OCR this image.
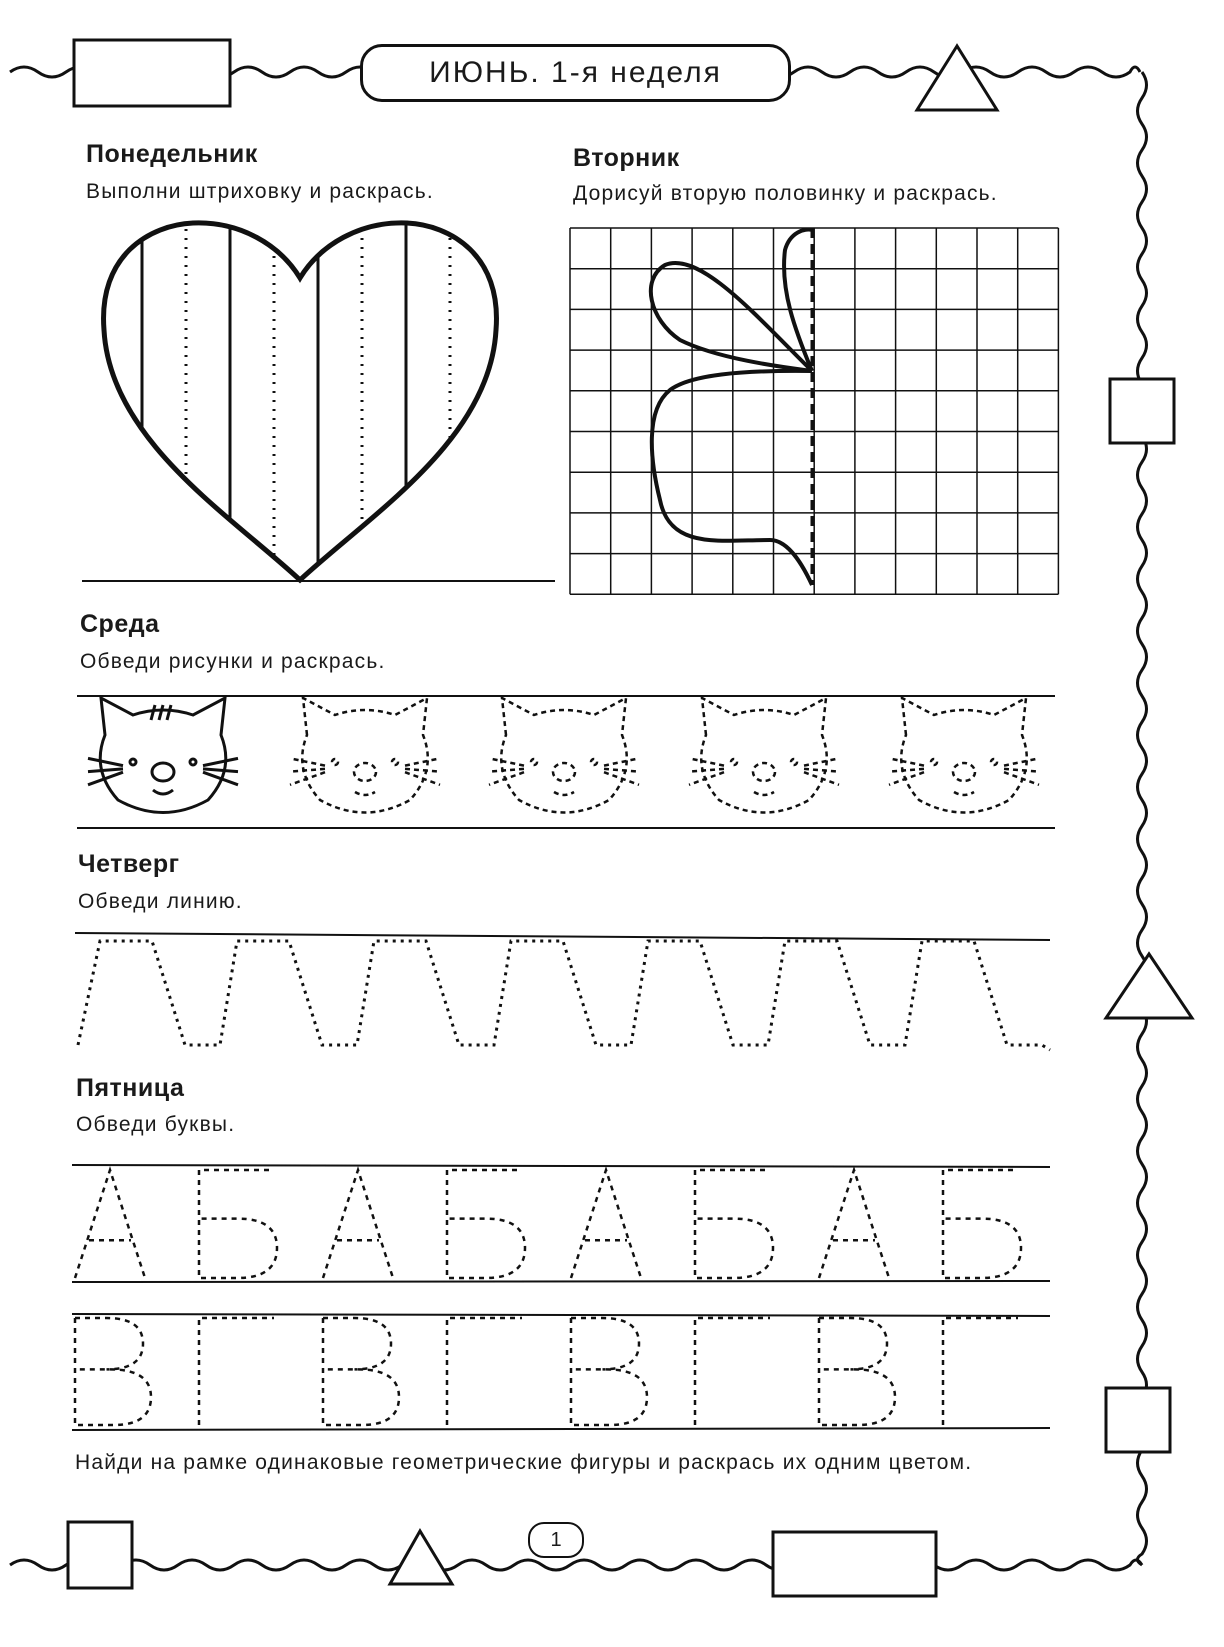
ИЮНЬ. 1-я неделя
Понедельник
Выполни штриховку и раскрась.
Вторник
Дорисуй вторую половинку и раскрась.
Среда
Обведи рисунки и раскрась.
Четверг
Обведи линию.
Пятница
Обведи буквы.
Найди на рамке одинаковые геометрические фигуры и раскрась их одним цветом.
1
